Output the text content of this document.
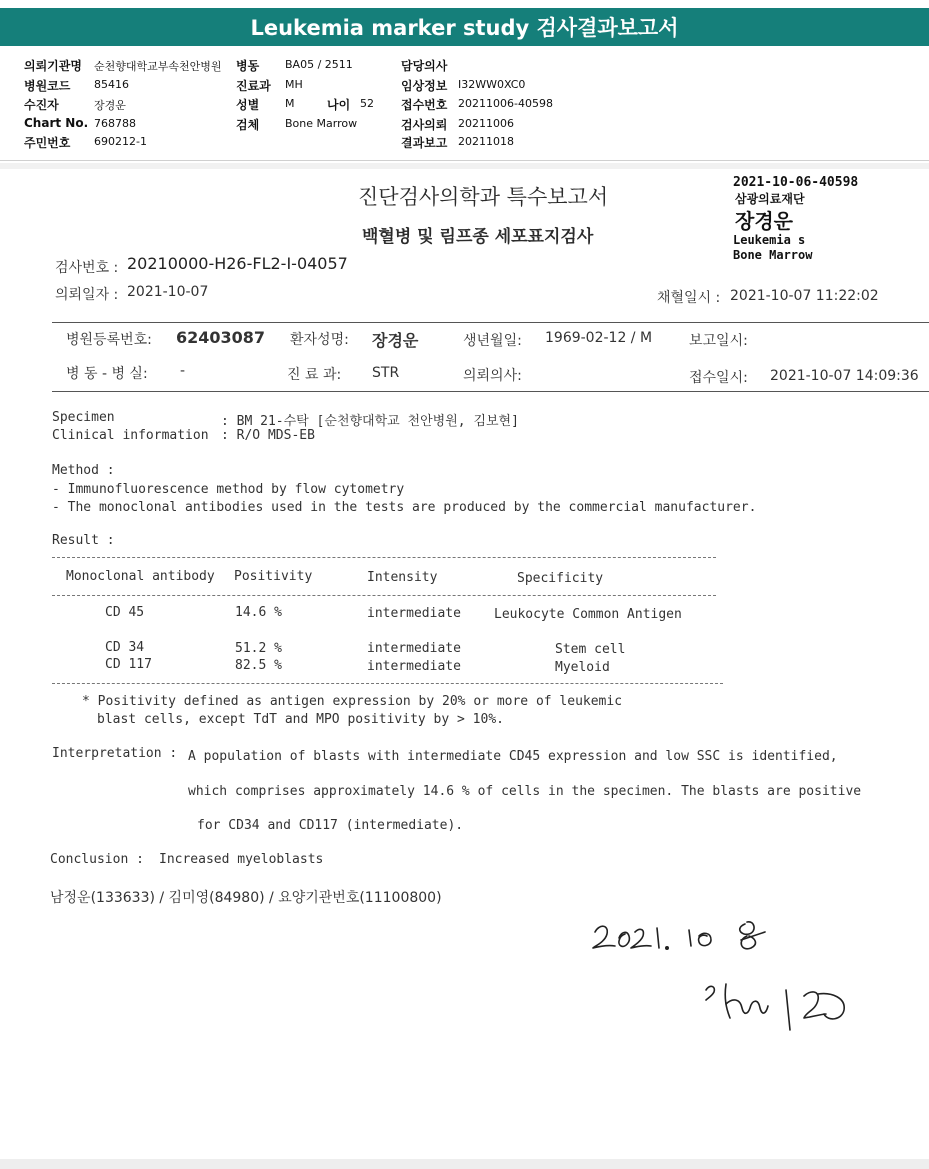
Leukemia marker study 검사결과보고서
의뢰기관명 순천향대학교부속천안병원
병원코드 85416
수진자	장경운
Chart No. 768788
주민번호 690212-1
병동 BA05 / 2511
진료과 MH
성별 M	나이 52
검체 Bone Marrow
담당의사
임상정보 I32WW0XC0
접수번호 20211006-40598
검사의뢰 20211006
결과보고 20211018
진단검사의학과 특수보고서
백혈병 및 림프종 세포표지검사
2021-10-06-40598
삼광의료재단
장경운
Leukemia s
Bone Marrow
검사번호 : 20210000-H26-FL2-I-04057
의뢰일자 : 2021-10-07	채혈일시 : 2021-10-07 11:22:02
병원등록번호: 62403087 환자성명: 장경운	생년월일: 1969-02-12 / M	보고일시:
병 동 - 병 실: -	진 료 과: STR	의뢰의사:	접수일시: 2021-10-07 14:09:36
Specimen	: BM 21-수탁 [순천향대학교 천안병원, 김보현]
Clinical information : R/O MDS-EB
Method :
- Immunofluorescence method by flow cytometry
- The monoclonal antibodies used in the tests are produced by the commercial manufacturer.
Result :
Monoclonal antibody Positivity	Intensity	Specificity
CD 45	14.6 %	intermediate	Leukocyte Common Antigen
CD 34	51.2 %	intermediate	Stem cell
CD 117	82.5 %	intermediate	Myeloid
* Positivity defined as antigen expression by 20% or more of leukemic
blast cells, except TdT and MPO positivity by > 10%.
Interpretation : A population of blasts with intermediate CD45 expression and low SSC is identified,
which comprises approximately 14.6 % of cells in the specimen. The blasts are positive
for CD34 and CD117 (intermediate).
Conclusion : Increased myeloblasts
남정운(133633) / 김미영(84980) / 요양기관번호(11100800)
